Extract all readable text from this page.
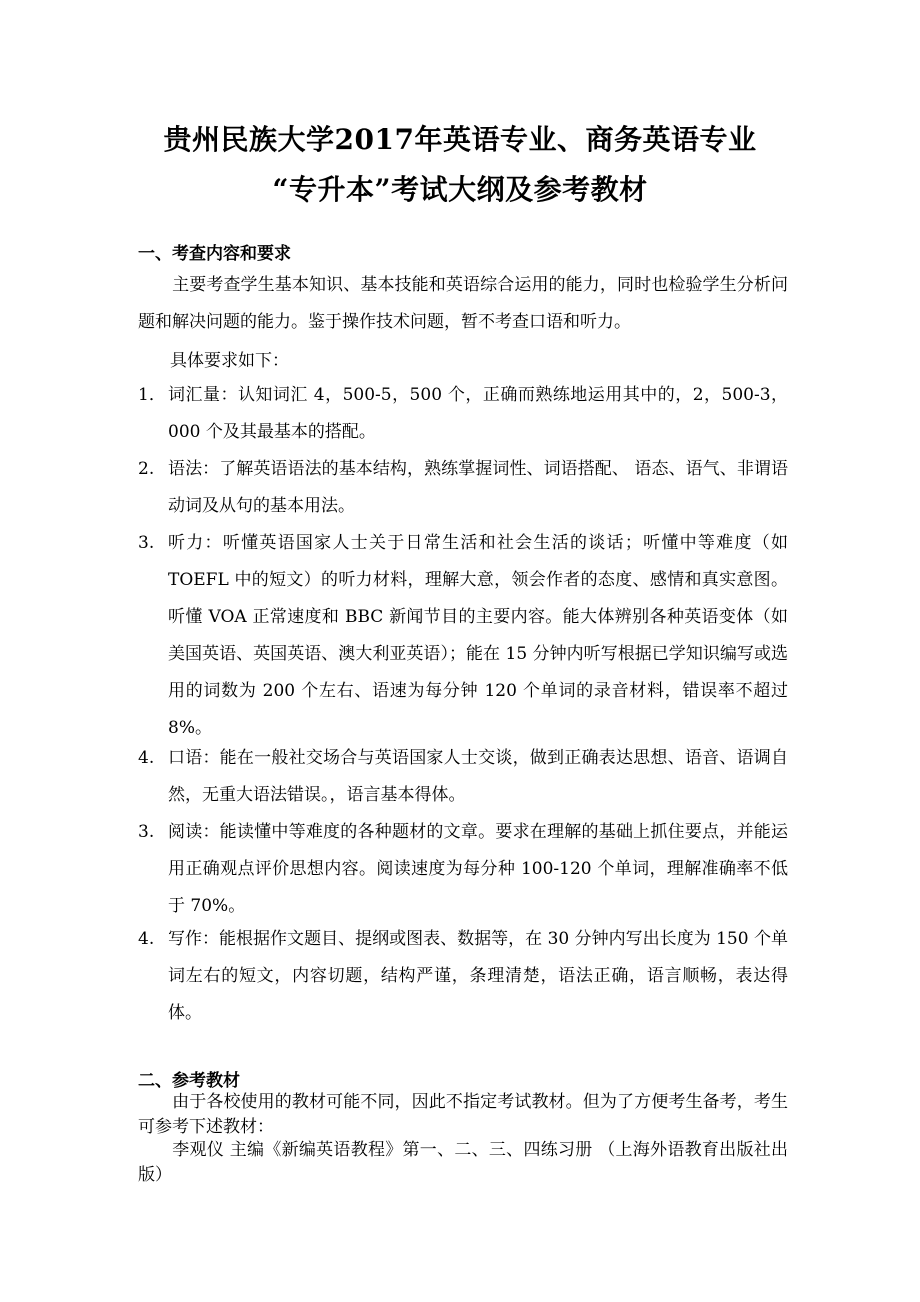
贵州民族大学2017年英语专业、商务英语专业
“专升本”考试大纲及参考教材
一、考查内容和要求
主要考查学生基本知识、基本技能和英语综合运用的能力，同时也检验学生分析问题和解决问题的能力。鉴于操作技术问题，暂不考查口语和听力。
具体要求如下：
1． 词汇量：认知词汇 4，500-5，500 个，正确而熟练地运用其中的，2，500-3，000 个及其最基本的搭配。
2. 语法：了解英语语法的基本结构，熟练掌握词性、词语搭配、 语态、语气、非谓语动词及从句的基本用法。
3. 听力：听懂英语国家人士关于日常生活和社会生活的谈话；听懂中等难度（如 TOEFL 中的短文）的听力材料，理解大意，领会作者的态度、感情和真实意图。听懂 VOA 正常速度和 BBC 新闻节目的主要内容。能大体辨别各种英语变体（如美国英语、英国英语、澳大利亚英语）；能在 15 分钟内听写根据已学知识编写或选用的词数为 200 个左右、语速为每分钟 120 个单词的录音材料，错误率不超过 8%。
4. 口语：能在一般社交场合与英语国家人士交谈，做到正确表达思想、语音、语调自然，无重大语法错误。，语言基本得体。
3. 阅读：能读懂中等难度的各种题材的文章。要求在理解的基础上抓住要点，并能运用正确观点评价思想内容。阅读速度为每分种 100-120 个单词，理解准确率不低于 70%。
4. 写作：能根据作文题目、提纲或图表、数据等，在 30 分钟内写出长度为 150 个单词左右的短文，内容切题，结构严谨，条理清楚，语法正确，语言顺畅，表达得体。
二、参考教材
由于各校使用的教材可能不同，因此不指定考试教材。但为了方便考生备考，考生可参考下述教材：
李观仪 主编《新编英语教程》第一、二、三、四练习册 （上海外语教育出版社出版）
